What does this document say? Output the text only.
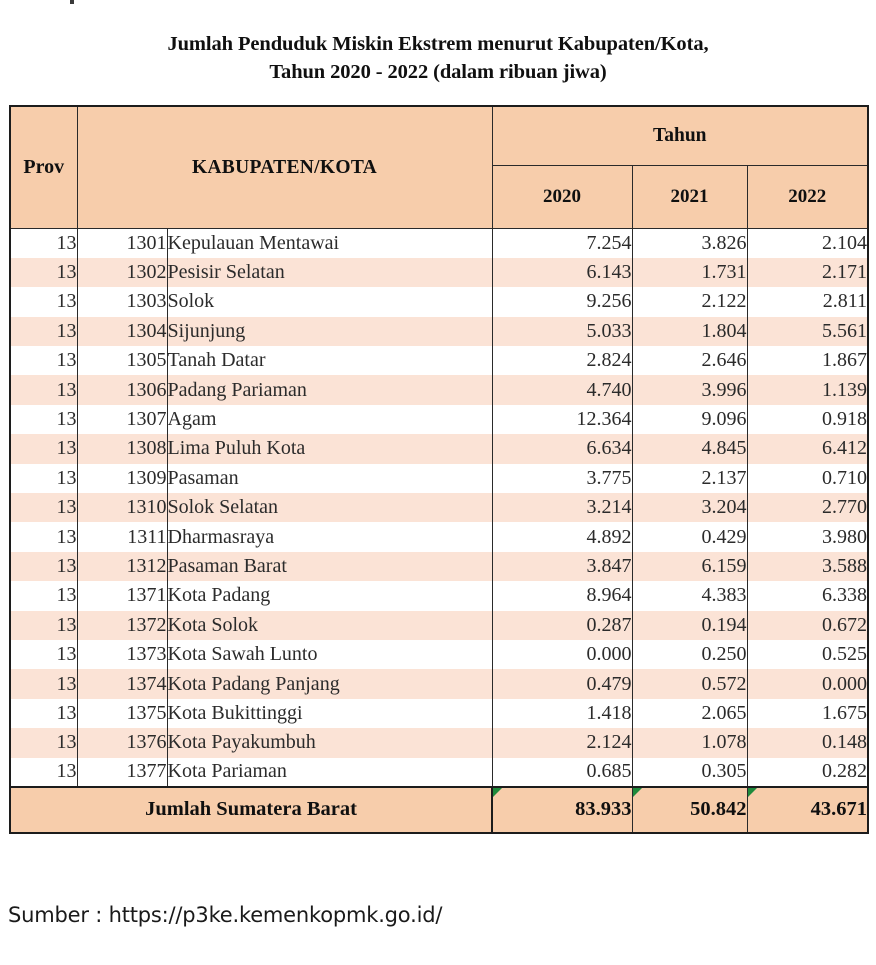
Jumlah Penduduk Miskin Ekstrem menurut Kabupaten/Kota,
Tahun 2020 - 2022 (dalam ribuan jiwa)
Prov	KABUPATEN/KOTA		Tahun		
			2020	2021	2022
13	1301	Kepulauan Mentawai	7.254	3.826	2.104
13	1302	Pesisir Selatan	6.143	1.731	2.171
13	1303	Solok	9.256	2.122	2.811
13	1304	Sijunjung	5.033	1.804	5.561
13	1305	Tanah Datar	2.824	2.646	1.867
13	1306	Padang Pariaman	4.740	3.996	1.139
13	1307	Agam	12.364	9.096	0.918
13	1308	Lima Puluh Kota	6.634	4.845	6.412
13	1309	Pasaman	3.775	2.137	0.710
13	1310	Solok Selatan	3.214	3.204	2.770
13	1311	Dharmasraya	4.892	0.429	3.980
13	1312	Pasaman Barat	3.847	6.159	3.588
13	1371	Kota Padang	8.964	4.383	6.338
13	1372	Kota Solok	0.287	0.194	0.672
13	1373	Kota Sawah Lunto	0.000	0.250	0.525
13	1374	Kota Padang Panjang	0.479	0.572	0.000
13	1375	Kota Bukittinggi	1.418	2.065	1.675
13	1376	Kota Payakumbuh	2.124	1.078	0.148
13	1377	Kota Pariaman	0.685	0.305	0.282
Jumlah Sumatera Barat			83.933	50.842	43.671
Sumber : https://p3ke.kemenkopmk.go.id/
